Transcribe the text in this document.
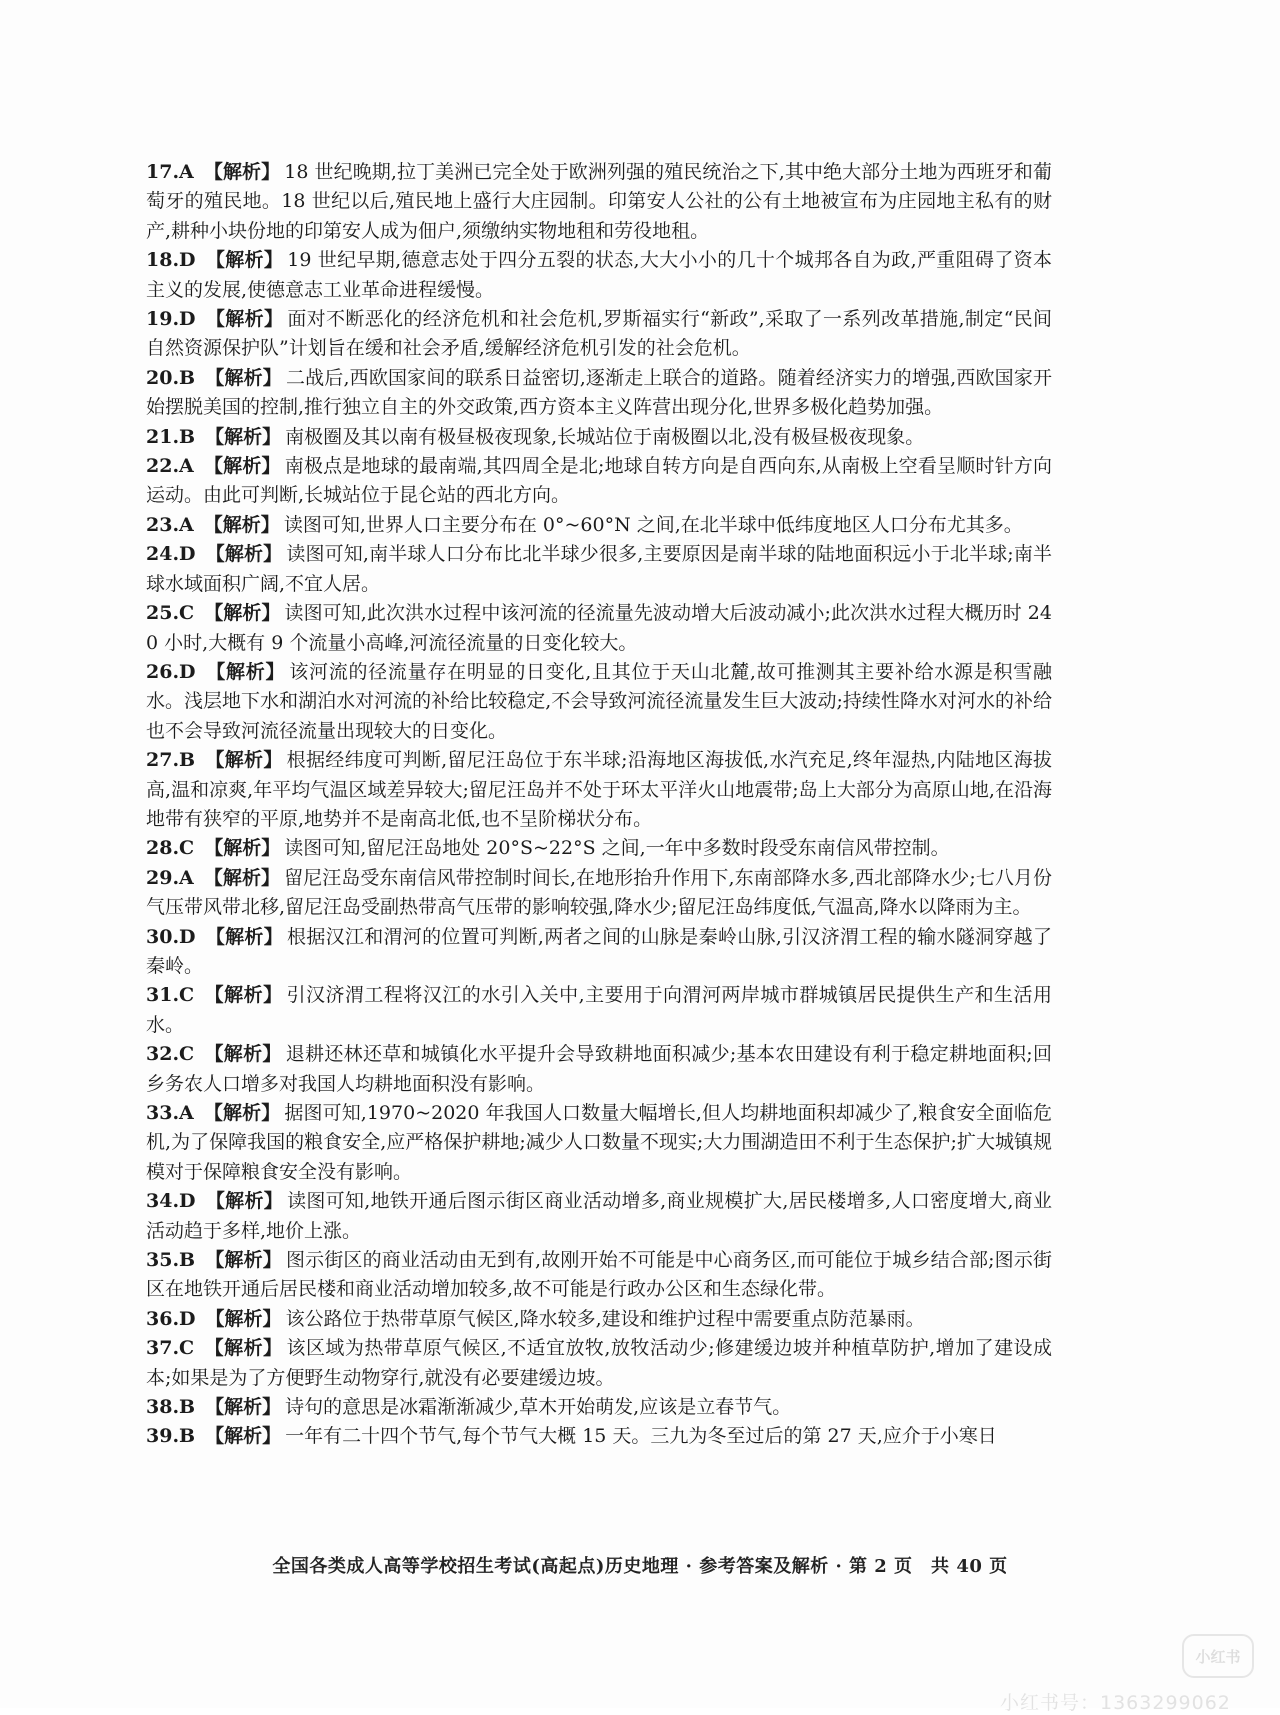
17.A 【解析】 18 世纪晚期,拉丁美洲已完全处于欧洲列强的殖民统治之下,其中绝大部分土地为西班牙和葡萄牙的殖民地。18 世纪以后,殖民地上盛行大庄园制。印第安人公社的公有土地被宣布为庄园地主私有的财产,耕种小块份地的印第安人成为佃户,须缴纳实物地租和劳役地租。

18.D 【解析】 19 世纪早期,德意志处于四分五裂的状态,大大小小的几十个城邦各自为政,严重阻碍了资本主义的发展,使德意志工业革命进程缓慢。

19.D 【解析】 面对不断恶化的经济危机和社会危机,罗斯福实行“新政”,采取了一系列改革措施,制定“民间自然资源保护队”计划旨在缓和社会矛盾,缓解经济危机引发的社会危机。

20.B 【解析】 二战后,西欧国家间的联系日益密切,逐渐走上联合的道路。随着经济实力的增强,西欧国家开始摆脱美国的控制,推行独立自主的外交政策,西方资本主义阵营出现分化,世界多极化趋势加强。

21.B 【解析】 南极圈及其以南有极昼极夜现象,长城站位于南极圈以北,没有极昼极夜现象。

22.A 【解析】 南极点是地球的最南端,其四周全是北;地球自转方向是自西向东,从南极上空看呈顺时针方向运动。由此可判断,长城站位于昆仑站的西北方向。

23.A 【解析】 读图可知,世界人口主要分布在 0°~60°N 之间,在北半球中低纬度地区人口分布尤其多。

24.D 【解析】 读图可知,南半球人口分布比北半球少很多,主要原因是南半球的陆地面积远小于北半球;南半球水域面积广阔,不宜人居。

25.C 【解析】 读图可知,此次洪水过程中该河流的径流量先波动增大后波动减小;此次洪水过程大概历时 240 小时,大概有 9 个流量小高峰,河流径流量的日变化较大。

26.D 【解析】 该河流的径流量存在明显的日变化,且其位于天山北麓,故可推测其主要补给水源是积雪融水。浅层地下水和湖泊水对河流的补给比较稳定,不会导致河流径流量发生巨大波动;持续性降水对河水的补给也不会导致河流径流量出现较大的日变化。

27.B 【解析】 根据经纬度可判断,留尼汪岛位于东半球;沿海地区海拔低,水汽充足,终年湿热,内陆地区海拔高,温和凉爽,年平均气温区域差异较大;留尼汪岛并不处于环太平洋火山地震带;岛上大部分为高原山地,在沿海地带有狭窄的平原,地势并不是南高北低,也不呈阶梯状分布。

28.C 【解析】 读图可知,留尼汪岛地处 20°S~22°S 之间,一年中多数时段受东南信风带控制。

29.A 【解析】 留尼汪岛受东南信风带控制时间长,在地形抬升作用下,东南部降水多,西北部降水少;七八月份气压带风带北移,留尼汪岛受副热带高气压带的影响较强,降水少;留尼汪岛纬度低,气温高,降水以降雨为主。

30.D 【解析】 根据汉江和渭河的位置可判断,两者之间的山脉是秦岭山脉,引汉济渭工程的输水隧洞穿越了秦岭。

31.C 【解析】 引汉济渭工程将汉江的水引入关中,主要用于向渭河两岸城市群城镇居民提供生产和生活用水。

32.C 【解析】 退耕还林还草和城镇化水平提升会导致耕地面积减少;基本农田建设有利于稳定耕地面积;回乡务农人口增多对我国人均耕地面积没有影响。

33.A 【解析】 据图可知,1970~2020 年我国人口数量大幅增长,但人均耕地面积却减少了,粮食安全面临危机,为了保障我国的粮食安全,应严格保护耕地;减少人口数量不现实;大力围湖造田不利于生态保护;扩大城镇规模对于保障粮食安全没有影响。

34.D 【解析】 读图可知,地铁开通后图示街区商业活动增多,商业规模扩大,居民楼增多,人口密度增大,商业活动趋于多样,地价上涨。

35.B 【解析】 图示街区的商业活动由无到有,故刚开始不可能是中心商务区,而可能位于城乡结合部;图示街区在地铁开通后居民楼和商业活动增加较多,故不可能是行政办公区和生态绿化带。

36.D 【解析】 该公路位于热带草原气候区,降水较多,建设和维护过程中需要重点防范暴雨。

37.C 【解析】 该区域为热带草原气候区,不适宜放牧,放牧活动少;修建缓边坡并种植草防护,增加了建设成本;如果是为了方便野生动物穿行,就没有必要建缓边坡。

38.B 【解析】 诗句的意思是冰霜渐渐减少,草木开始萌发,应该是立春节气。

39.B 【解析】 一年有二十四个节气,每个节气大概 15 天。三九为冬至过后的第 27 天,应介于小寒日

全国各类成人高等学校招生考试(高起点)历史地理 · 参考答案及解析 · 第 2 页　共 40 页
小红书
小红书号：1363299062
